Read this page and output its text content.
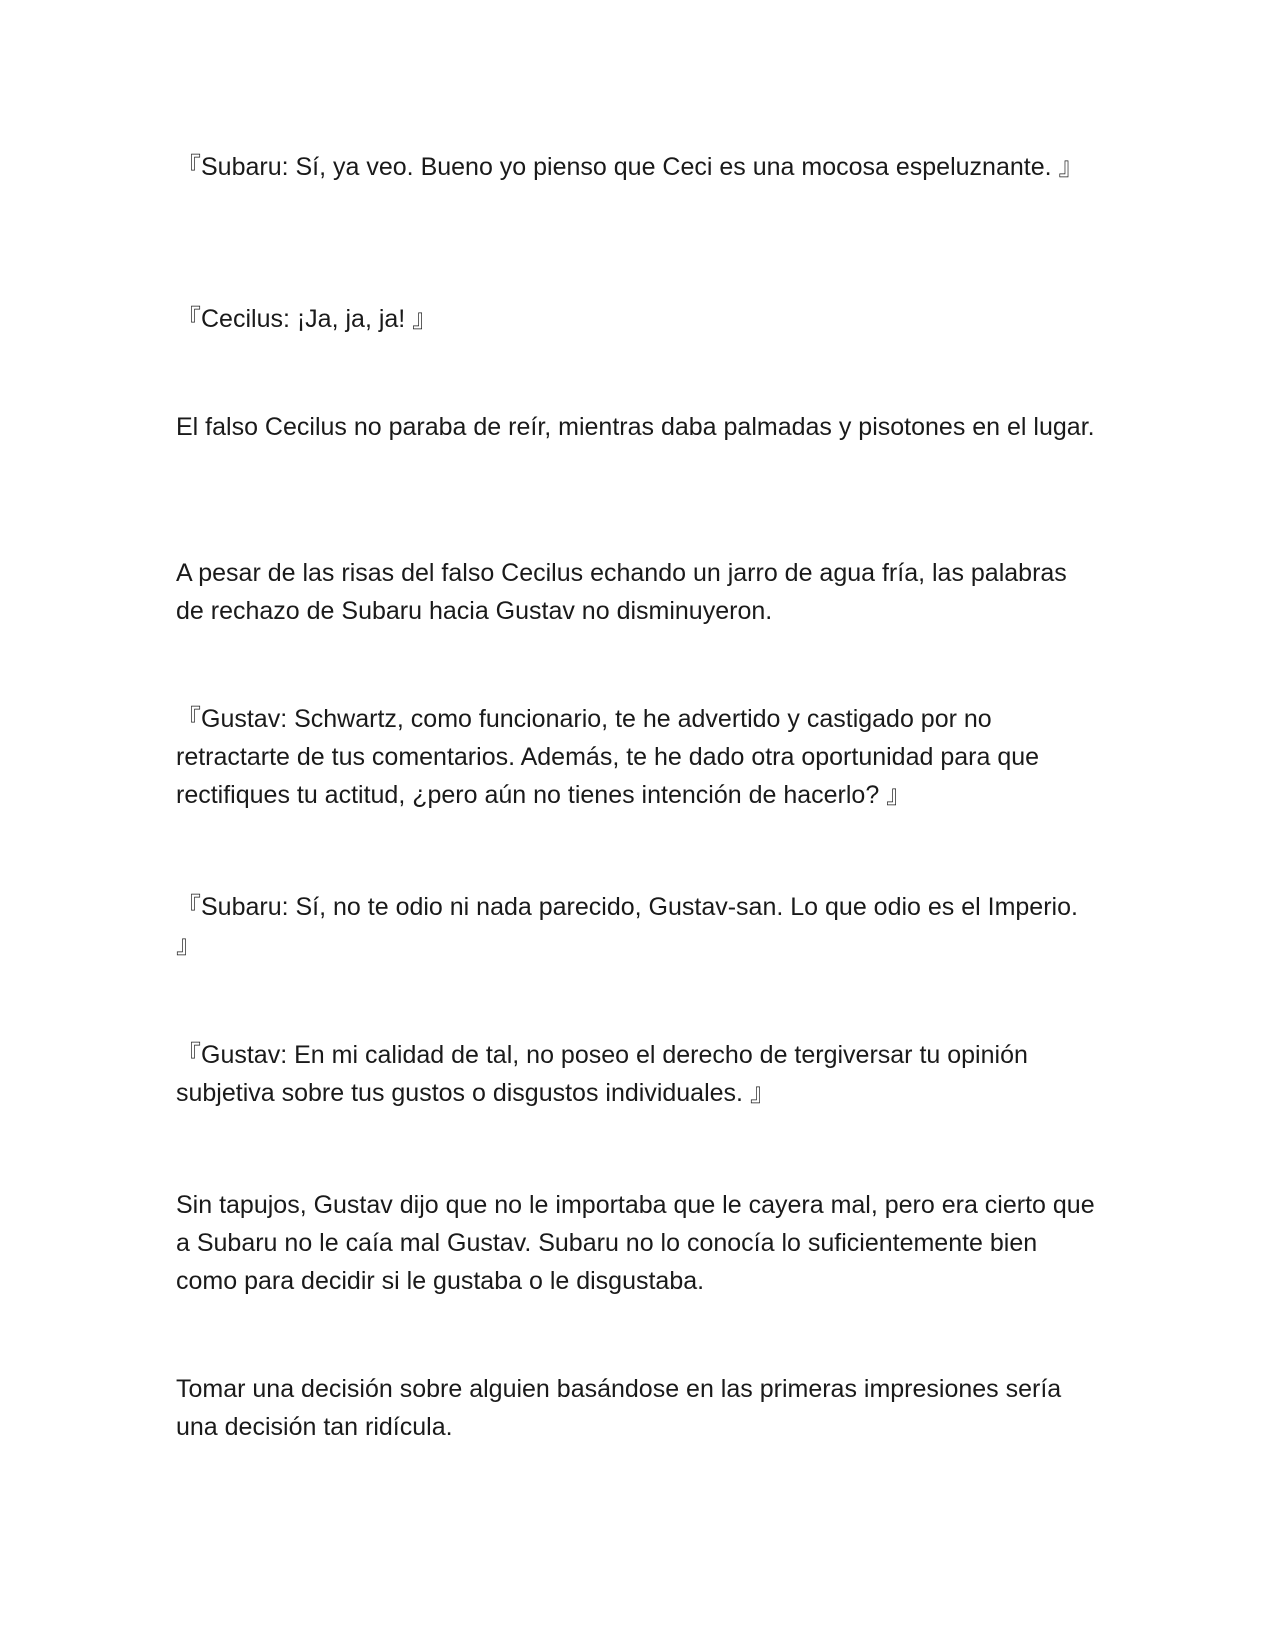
『Subaru: Sí, ya veo. Bueno yo pienso que Ceci es una mocosa espeluznante. 』

『Cecilus: ¡Ja, ja, ja! 』

El falso Cecilus no paraba de reír, mientras daba palmadas y pisotones en el lugar.

A pesar de las risas del falso Cecilus echando un jarro de agua fría, las palabras de rechazo de Subaru hacia Gustav no disminuyeron.

『Gustav: Schwartz, como funcionario, te he advertido y castigado por no retractarte de tus comentarios. Además, te he dado otra oportunidad para que rectifiques tu actitud, ¿pero aún no tienes intención de hacerlo? 』

『Subaru: Sí, no te odio ni nada parecido, Gustav-san. Lo que odio es el Imperio. 』

『Gustav: En mi calidad de tal, no poseo el derecho de tergiversar tu opinión subjetiva sobre tus gustos o disgustos individuales. 』

Sin tapujos, Gustav dijo que no le importaba que le cayera mal, pero era cierto que a Subaru no le caía mal Gustav. Subaru no lo conocía lo suficientemente bien como para decidir si le gustaba o le disgustaba.

Tomar una decisión sobre alguien basándose en las primeras impresiones sería una decisión tan ridícula.
